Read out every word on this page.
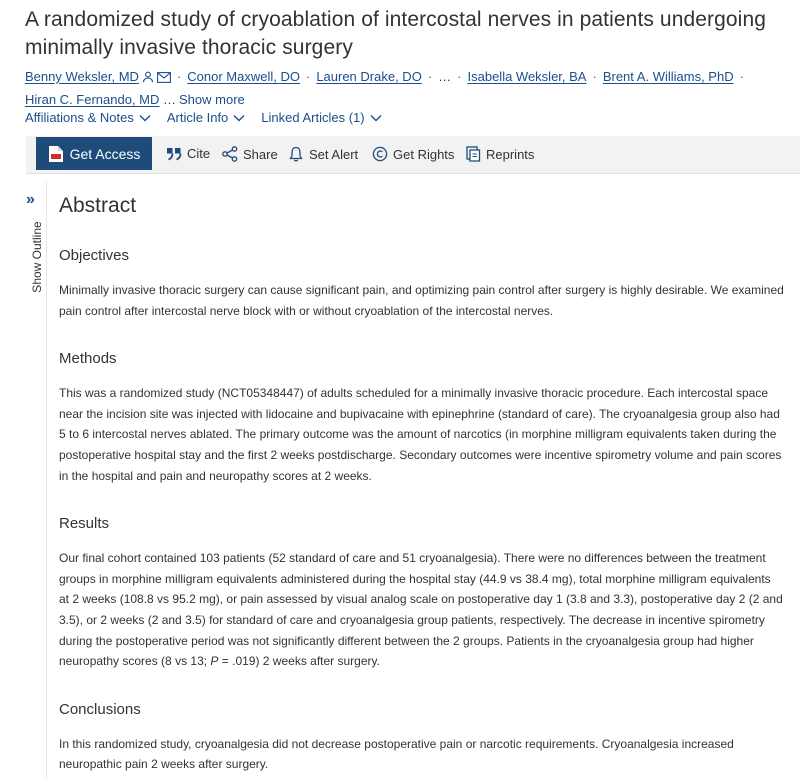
A randomized study of cryoablation of intercostal nerves in patients undergoing minimally invasive thoracic surgery
Benny Weksler, MD	· Conor Maxwell, DO · Lauren Drake, DO · … · Isabella Weksler, BA · Brent A. Williams, PhD ·
Hiran C. Fernando, MD … Show more
Affiliations & Notes	Article Info	Linked Articles (1)
Get Access	Cite	Share Set Alert	Get Rights Reprints
»
Show Outline
Abstract
Objectives

Minimally invasive thoracic surgery can cause significant pain, and optimizing pain control after surgery is highly desirable. We examined pain control after intercostal nerve block with or without cryoablation of the intercostal nerves.

Methods

This was a randomized study (NCT05348447) of adults scheduled for a minimally invasive thoracic procedure. Each intercostal space near the incision site was injected with lidocaine and bupivacaine with epinephrine (standard of care). The cryoanalgesia group also had 5 to 6 intercostal nerves ablated. The primary outcome was the amount of narcotics (in morphine milligram equivalents taken during the postoperative hospital stay and the first 2 weeks postdischarge. Secondary outcomes were incentive spirometry volume and pain scores in the hospital and pain and neuropathy scores at 2 weeks.

Results

Our final cohort contained 103 patients (52 standard of care and 51 cryoanalgesia). There were no differences between the treatment groups in morphine milligram equivalents administered during the hospital stay (44.9 vs 38.4 mg), total morphine milligram equivalents at 2 weeks (108.8 vs 95.2 mg), or pain assessed by visual analog scale on postoperative day 1 (3.8 and 3.3), postoperative day 2 (2 and 3.5), or 2 weeks (2 and 3.5) for standard of care and cryoanalgesia group patients, respectively. The decrease in incentive spirometry during the postoperative period was not significantly different between the 2 groups. Patients in the cryoanalgesia group had higher neuropathy scores (8 vs 13; P = .019) 2 weeks after surgery.

Conclusions

In this randomized study, cryoanalgesia did not decrease postoperative pain or narcotic requirements. Cryoanalgesia increased neuropathic pain 2 weeks after surgery.
